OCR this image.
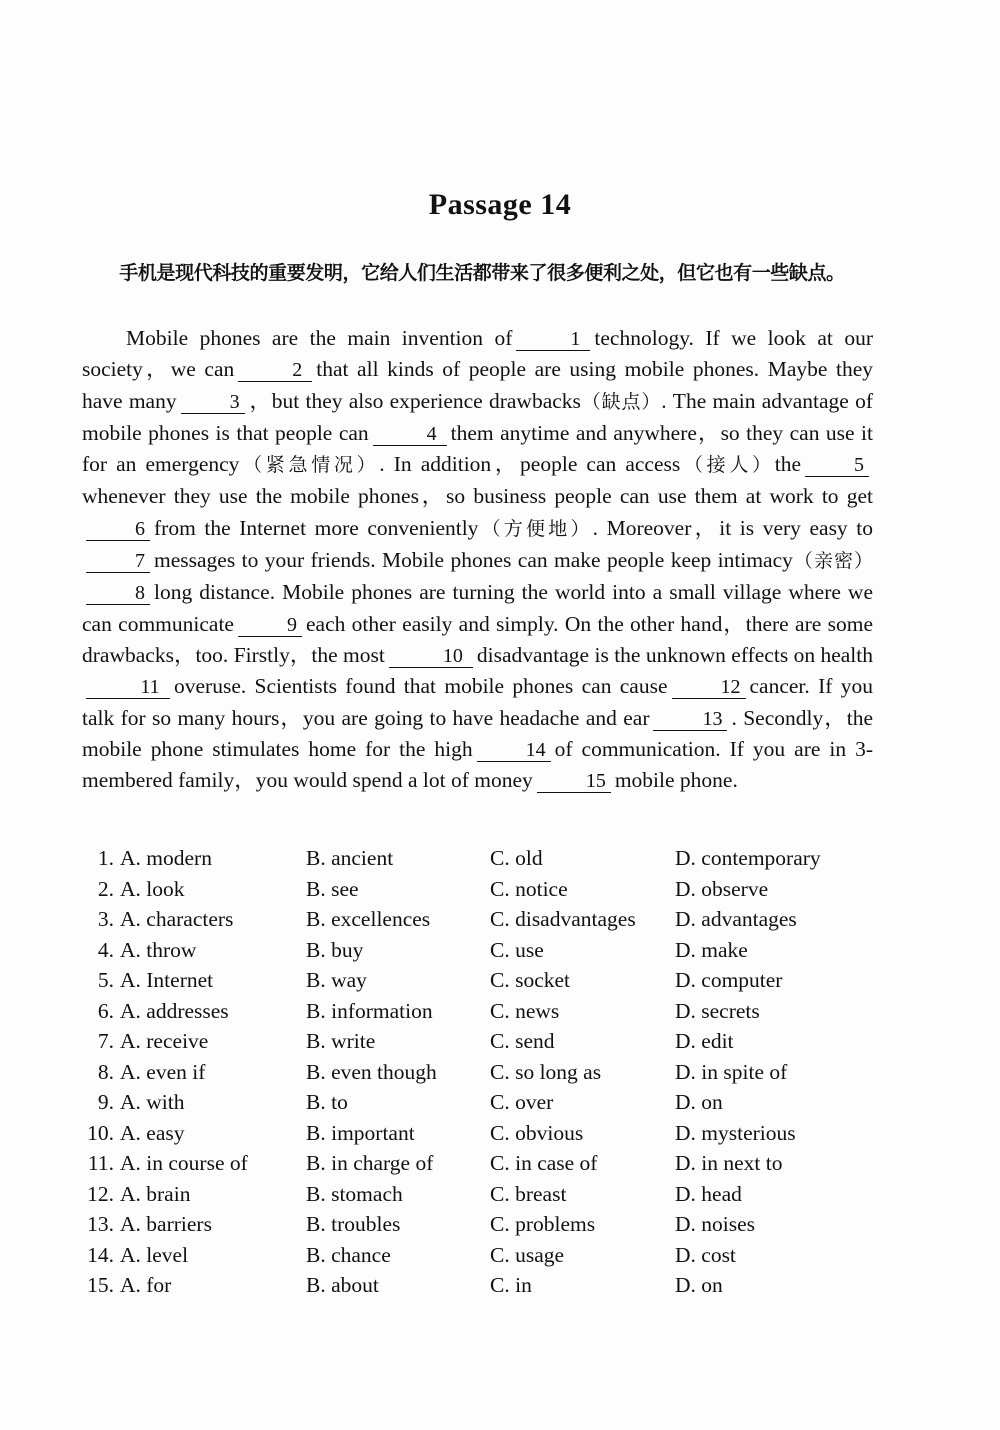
Passage 14
手机是现代科技的重要发明，它给人们生活都带来了很多便利之处，但它也有一些缺点。

Mobile phones are the main invention of	1 technology. If we look at our society，we can	2 that all kinds of people are using mobile phones. Maybe they have many	3 ，but they also experience drawbacks（缺点）. The main advantage of mobile phones is that people can	4 them anytime and anywhere，so they can use it for an emergency（紧急情况）. In addition，people can access（接人）the	5whenever they use the mobile phones，so business people can use them at work to get6 from the Internet more conveniently（方便地）. Moreover，it is very easy to7 messages to your friends. Mobile phones can make people keep intimacy（亲密）8 long distance. Mobile phones are turning the world into a small village where we can communicate	9 each other easily and simply. On the other hand，there are some drawbacks，too. Firstly，the most	10 disadvantage is the unknown effects on health11 overuse. Scientists found that mobile phones can cause	12 cancer. If you talk for so many hours，you are going to have headache and ear	13 . Secondly，the mobile phone stimulates home for the high	14 of communication. If you are in 3-membered family，you would spend a lot of money	15 mobile phone.

1. A. modern	B. ancient	C. old	D. contemporary
2. A. look	B. see	C. notice	D. observe
3. A. characters	B. excellences	C. disadvantages D. advantages
4. A. throw	B. buy	C. use	D. make
5. A. Internet	B. way	C. socket	D. computer
6. A. addresses	B. information	C. news	D. secrets
7. A. receive	B. write	C. send	D. edit
8. A. even if	B. even though C. so long as	D. in spite of
9. A. with	B. to	C. over	D. on
10. A. easy	B. important	C. obvious	D. mysterious
11. A. in course of	B. in charge of	C. in case of	D. in next to
12. A. brain	B. stomach	C. breast	D. head
13. A. barriers	B. troubles	C. problems	D. noises
14. A. level	B. chance	C. usage	D. cost
15. A. for	B. about	C. in	D. on
